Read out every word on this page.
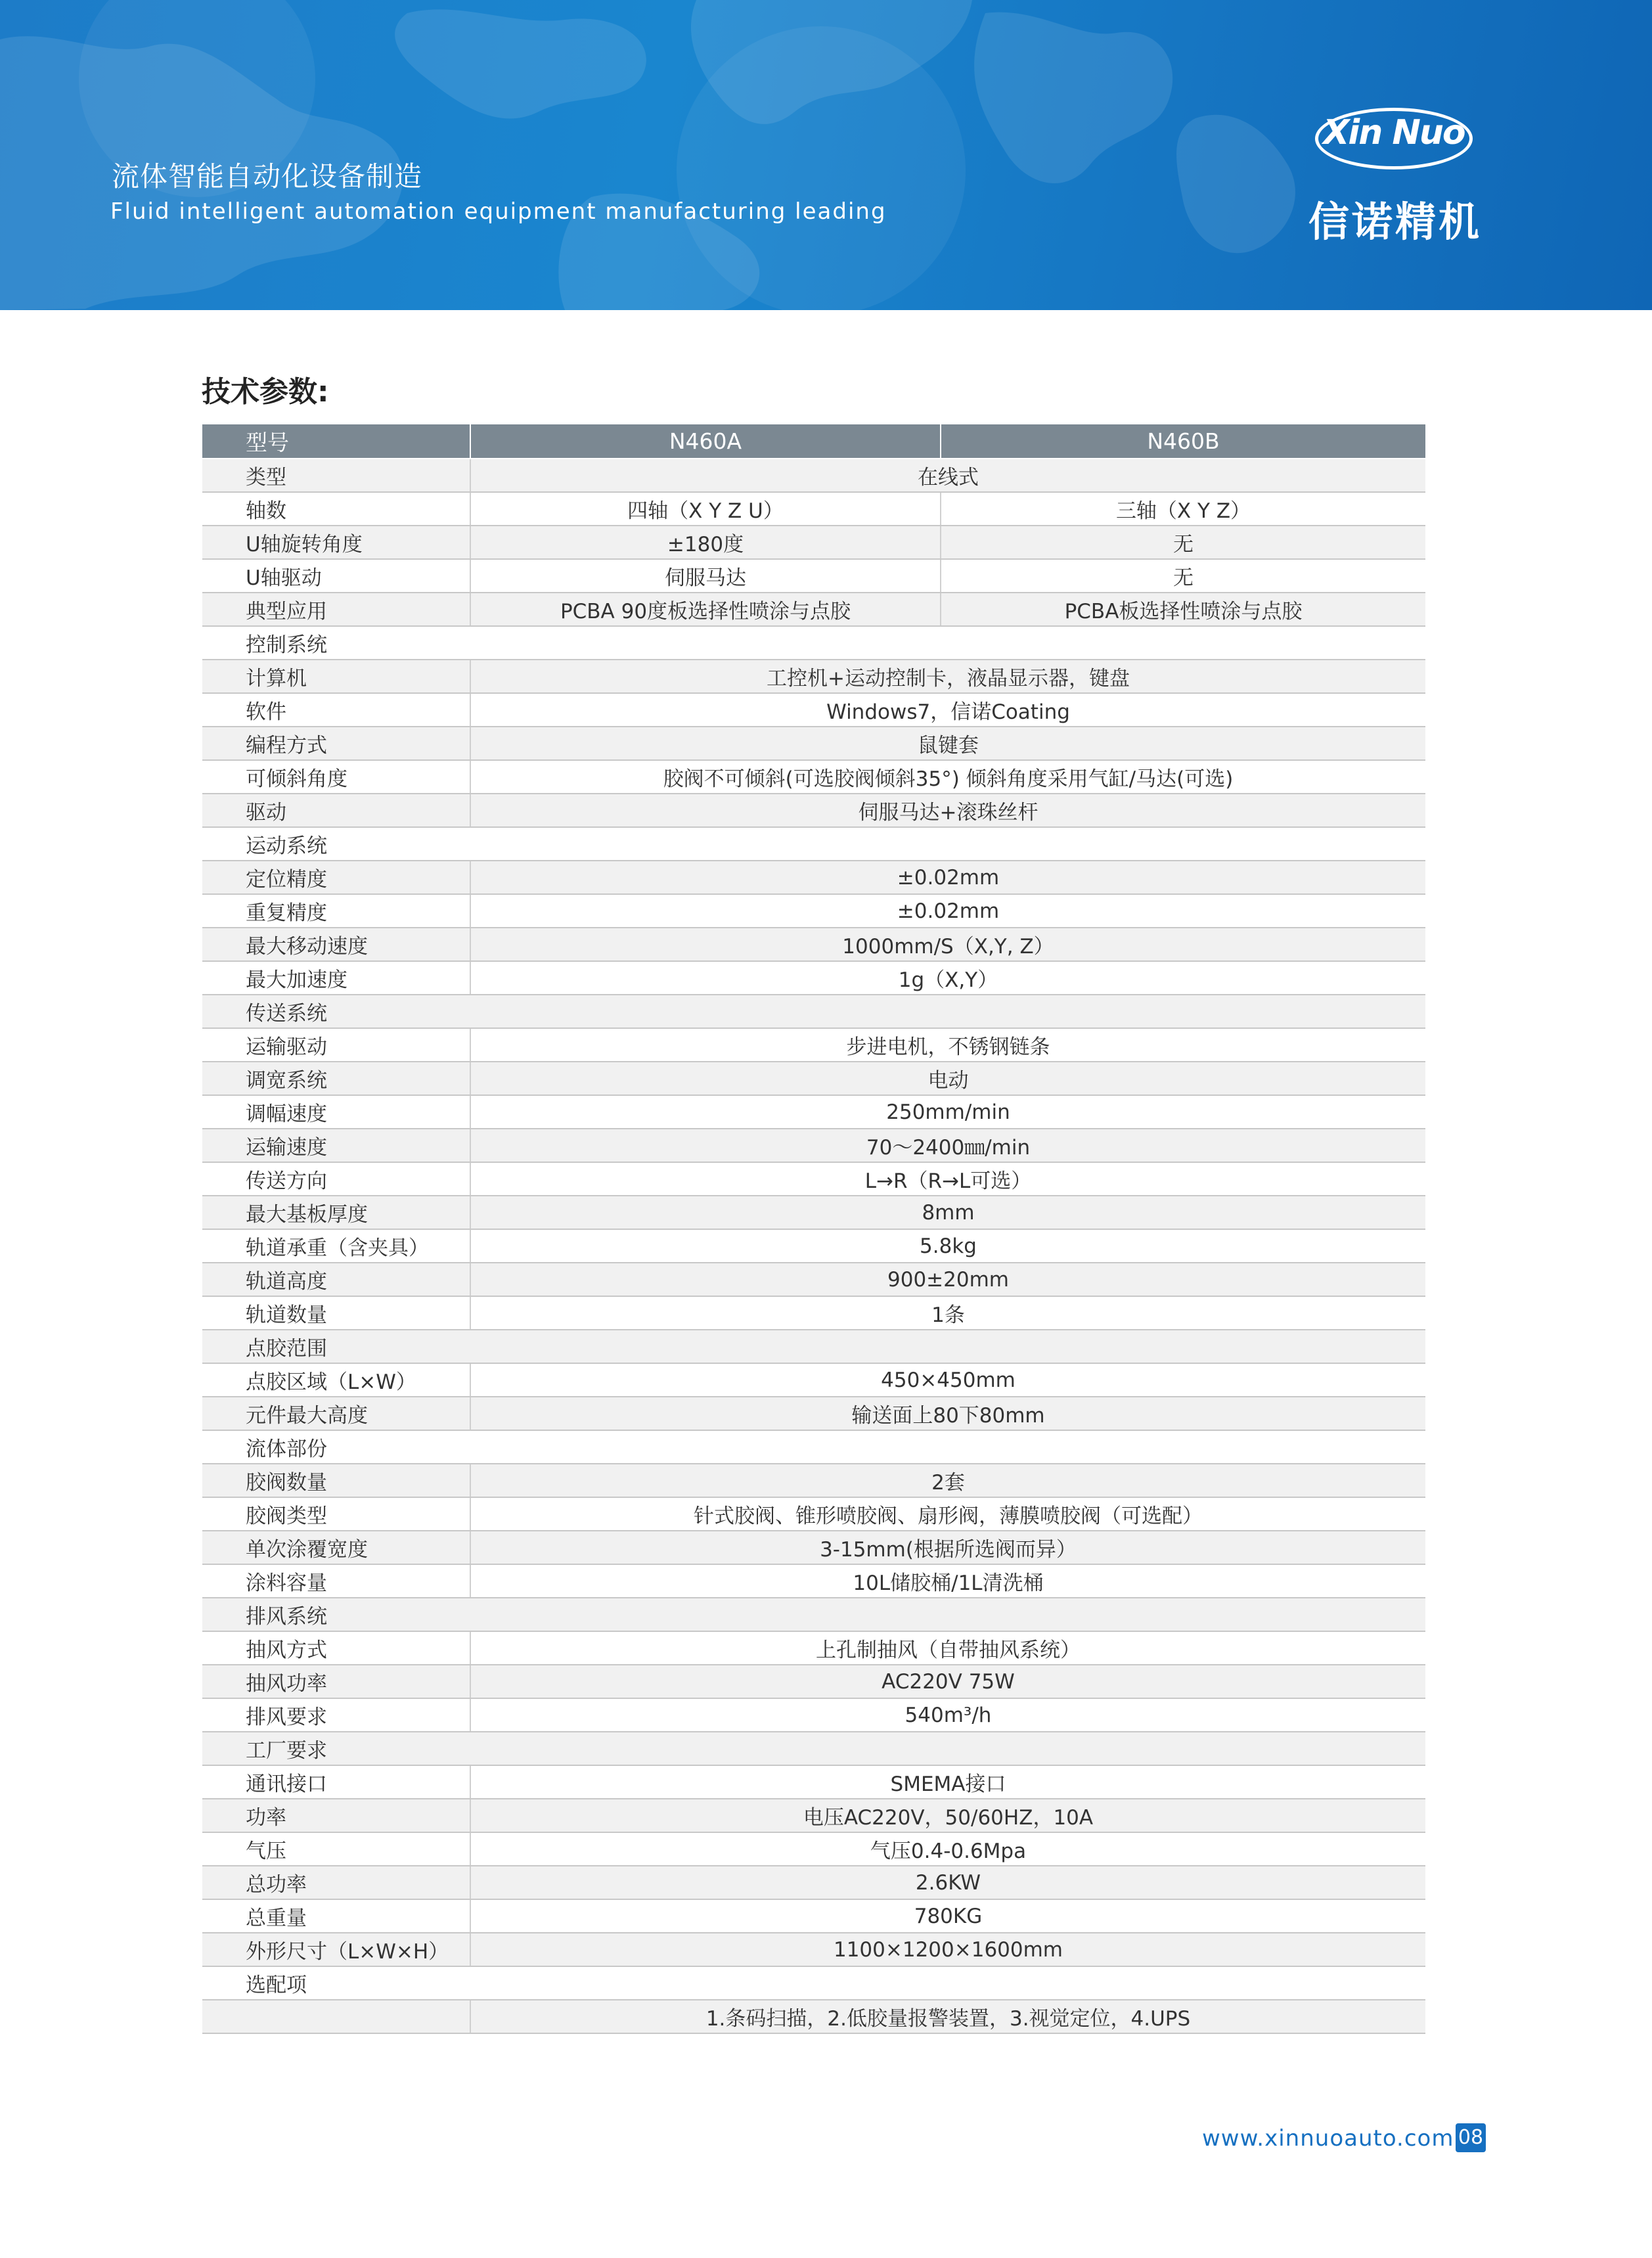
流体智能自动化设备制造
Fluid intelligent automation equipment manufacturing leading
Xin Nuo
信诺精机
技术参数:
型号	N460A	N460B
类型	在线式	
轴数	四轴（X Y Z U）	三轴（X Y Z）
U轴旋转角度	±180度	无
U轴驱动	伺服马达	无
典型应用	PCBA 90度板选择性喷涂与点胶	PCBA板选择性喷涂与点胶
控制系统		
计算机	工控机+运动控制卡，液晶显示器，键盘	
软件	Windows7，信诺Coating	
编程方式	鼠键套	
可倾斜角度	胶阀不可倾斜(可选胶阀倾斜35°) 倾斜角度采用气缸/马达(可选)	
驱动	伺服马达+滚珠丝杆	
运动系统		
定位精度	±0.02mm	
重复精度	±0.02mm	
最大移动速度	1000mm/S（X,Y, Z）	
最大加速度	1g（X,Y）	
传送系统		
运输驱动	步进电机，不锈钢链条	
调宽系统	电动	
调幅速度	250mm/min	
运输速度	70～2400㎜/min	
传送方向	L→R（R→L可选）	
最大基板厚度	8mm	
轨道承重（含夹具）	5.8kg	
轨道高度	900±20mm	
轨道数量	1条	
点胶范围		
点胶区域（L×W）	450×450mm	
元件最大高度	输送面上80下80mm	
流体部份		
胶阀数量	2套	
胶阀类型	针式胶阀、锥形喷胶阀、扇形阀，薄膜喷胶阀（可选配）	
单次涂覆宽度	3-15mm(根据所选阀而异）	
涂料容量	10L储胶桶/1L清洗桶	
排风系统		
抽风方式	上孔制抽风（自带抽风系统）	
抽风功率	AC220V 75W	
排风要求	540m³/h	
工厂要求		
通讯接口	SMEMA接口	
功率	电压AC220V，50/60HZ，10A	
气压	气压0.4-0.6Mpa	
总功率	2.6KW	
总重量	780KG	
外形尺寸（L×W×H）	1100×1200×1600mm	
选配项		
	1.条码扫描，2.低胶量报警装置，3.视觉定位，4.UPS	
www.xinnuoauto.com 08
